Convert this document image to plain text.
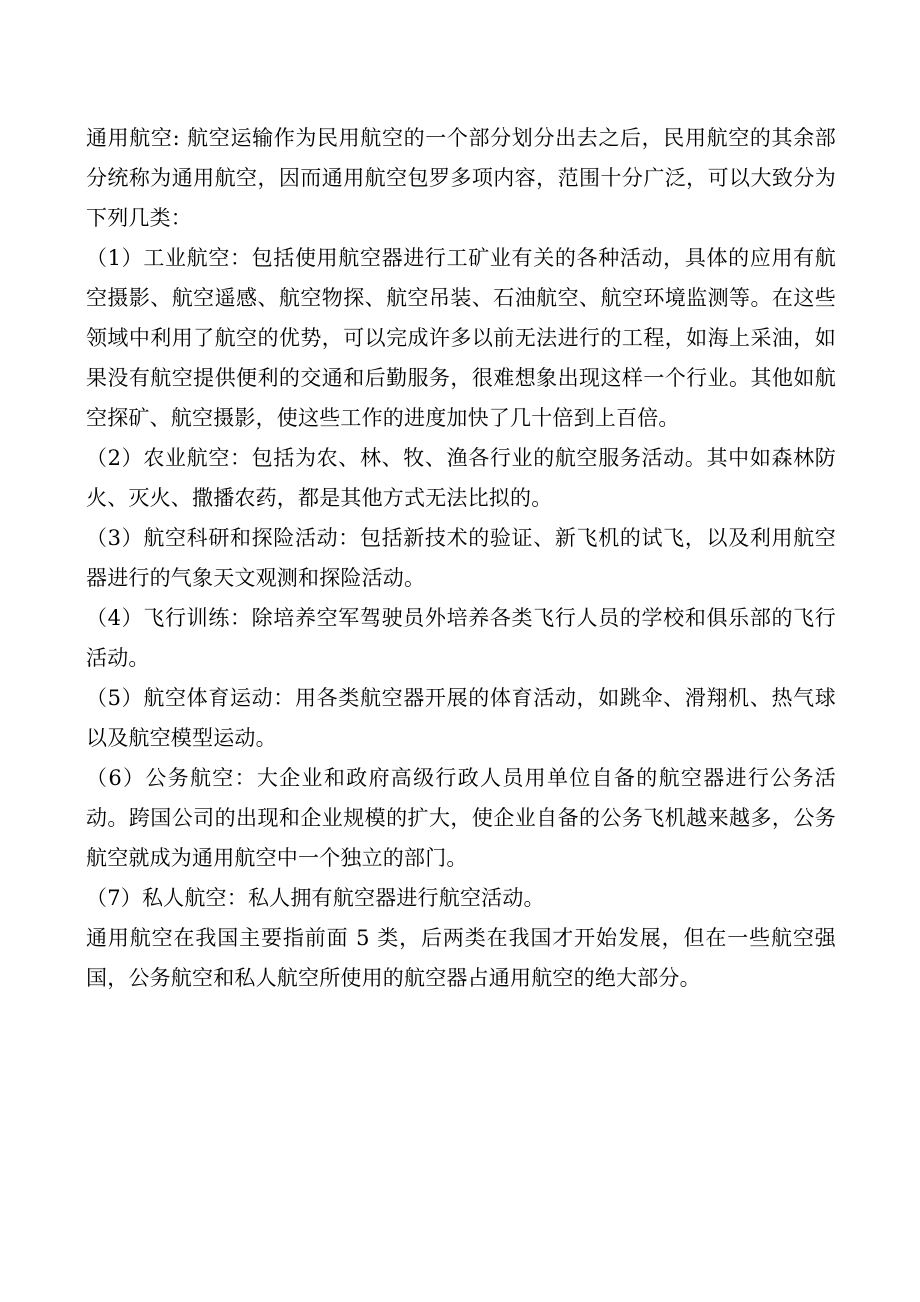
通用航空: 航空运输作为民用航空的一个部分划分出去之后，民用航空的其余部分统称为通用航空，因而通用航空包罗多项内容，范围十分广泛，可以大致分为下列几类：

（1）工业航空：包括使用航空器进行工矿业有关的各种活动，具体的应用有航空摄影、航空遥感、航空物探、航空吊装、石油航空、航空环境监测等。在这些领域中利用了航空的优势，可以完成许多以前无法进行的工程，如海上采油，如果没有航空提供便利的交通和后勤服务，很难想象出现这样一个行业。其他如航空探矿、航空摄影，使这些工作的进度加快了几十倍到上百倍。

（2）农业航空：包括为农、林、牧、渔各行业的航空服务活动。其中如森林防火、灭火、撒播农药，都是其他方式无法比拟的。

（3）航空科研和探险活动：包括新技术的验证、新飞机的试飞，以及利用航空器进行的气象天文观测和探险活动。

（4）飞行训练：除培养空军驾驶员外培养各类飞行人员的学校和俱乐部的飞行活动。

（5）航空体育运动：用各类航空器开展的体育活动，如跳伞、滑翔机、热气球以及航空模型运动。

（6）公务航空：大企业和政府高级行政人员用单位自备的航空器进行公务活动。跨国公司的出现和企业规模的扩大，使企业自备的公务飞机越来越多，公务航空就成为通用航空中一个独立的部门。

（7）私人航空：私人拥有航空器进行航空活动。

通用航空在我国主要指前面 5 类，后两类在我国才开始发展，但在一些航空强国，公务航空和私人航空所使用的航空器占通用航空的绝大部分。
